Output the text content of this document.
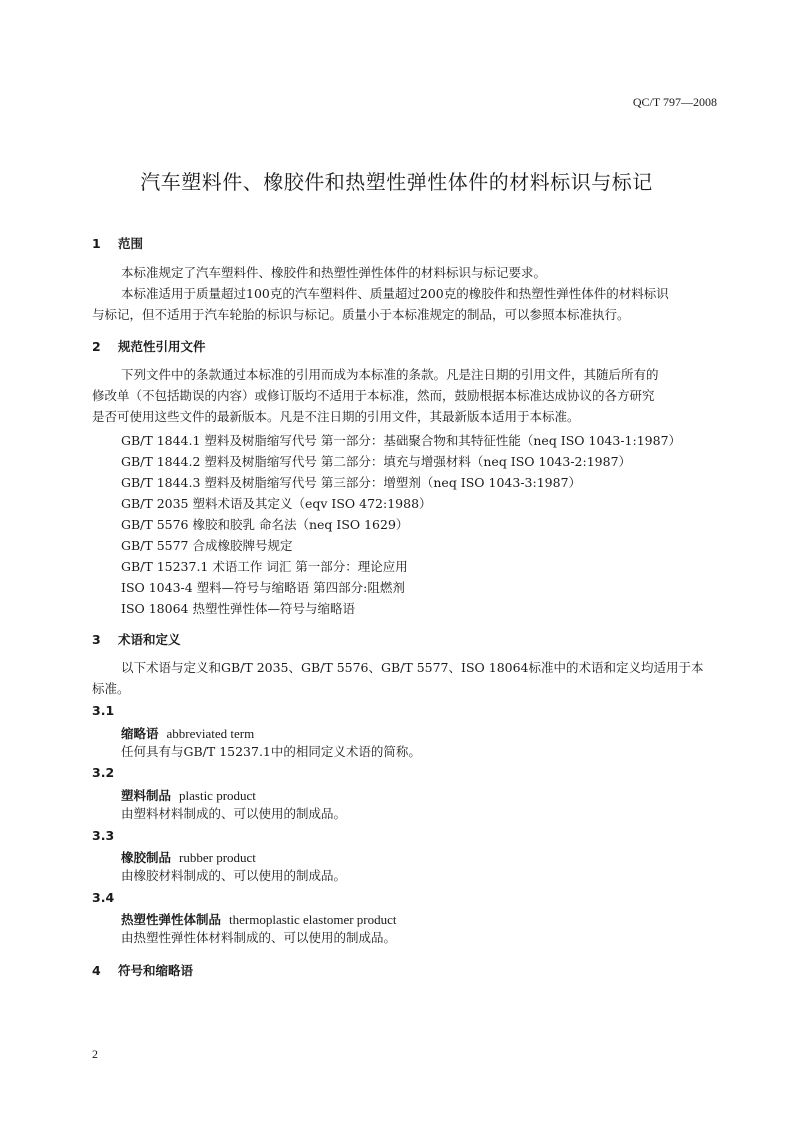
QC/T 797—2008
汽车塑料件、橡胶件和热塑性弹性体件的材料标识与标记
1 范围
本标准规定了汽车塑料件、橡胶件和热塑性弹性体件的材料标识与标记要求。
本标准适用于质量超过100克的汽车塑料件、质量超过200克的橡胶件和热塑性弹性体件的材料标识
与标记，但不适用于汽车轮胎的标识与标记。质量小于本标准规定的制品，可以参照本标准执行。
2 规范性引用文件
下列文件中的条款通过本标准的引用而成为本标准的条款。凡是注日期的引用文件，其随后所有的
修改单（不包括勘误的内容）或修订版均不适用于本标准，然而，鼓励根据本标准达成协议的各方研究
是否可使用这些文件的最新版本。凡是不注日期的引用文件，其最新版本适用于本标准。
GB/T 1844.1 塑料及树脂缩写代号 第一部分：基础聚合物和其特征性能（neq ISO 1043-1:1987）
GB/T 1844.2 塑料及树脂缩写代号 第二部分：填充与增强材料（neq ISO 1043-2:1987）
GB/T 1844.3 塑料及树脂缩写代号 第三部分：增塑剂（neq ISO 1043-3:1987）
GB/T 2035 塑料术语及其定义（eqv ISO 472:1988）
GB/T 5576 橡胶和胶乳 命名法（neq ISO 1629）
GB/T 5577 合成橡胶牌号规定
GB/T 15237.1 术语工作 词汇 第一部分：理论应用
ISO 1043-4 塑料—符号与缩略语 第四部分:阻燃剂
ISO 18064 热塑性弹性体—符号与缩略语
3 术语和定义
以下术语与定义和GB/T 2035、GB/T 5576、GB/T 5577、ISO 18064标准中的术语和定义均适用于本
标准。
3.1
缩略语 abbreviated term
任何具有与GB/T 15237.1中的相同定义术语的简称。
3.2
塑料制品 plastic product
由塑料材料制成的、可以使用的制成品。
3.3
橡胶制品 rubber product
由橡胶材料制成的、可以使用的制成品。
3.4
热塑性弹性体制品 thermoplastic elastomer product
由热塑性弹性体材料制成的、可以使用的制成品。
4 符号和缩略语
2
